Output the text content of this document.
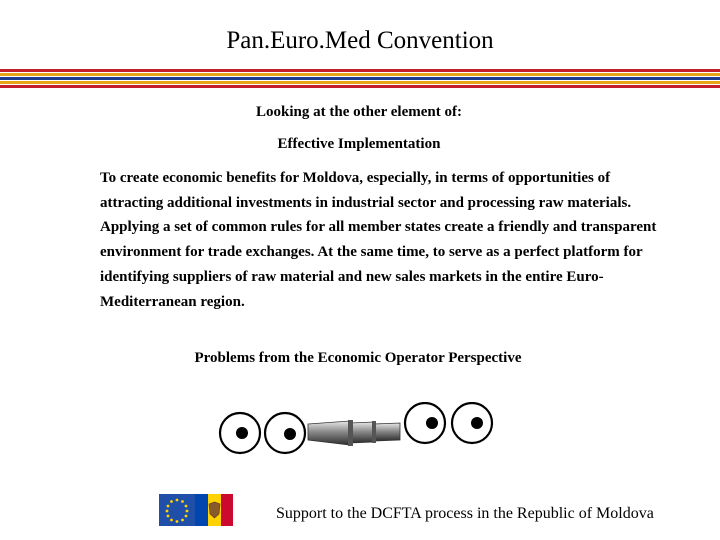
Pan.Euro.Med Convention
Looking at the other element of:
Effective Implementation

To create economic benefits for Moldova, especially, in terms of opportunities of attracting additional investments in industrial sector and processing raw materials. Applying a set of common rules for all member states create a friendly and transparent environment for trade exchanges. At the same time, to serve as a perfect platform for identifying suppliers of raw material and new sales markets in the entire Euro-Mediterranean region.

Problems from the Economic Operator Perspective
Support to the DCFTA process in the Republic of Moldova
